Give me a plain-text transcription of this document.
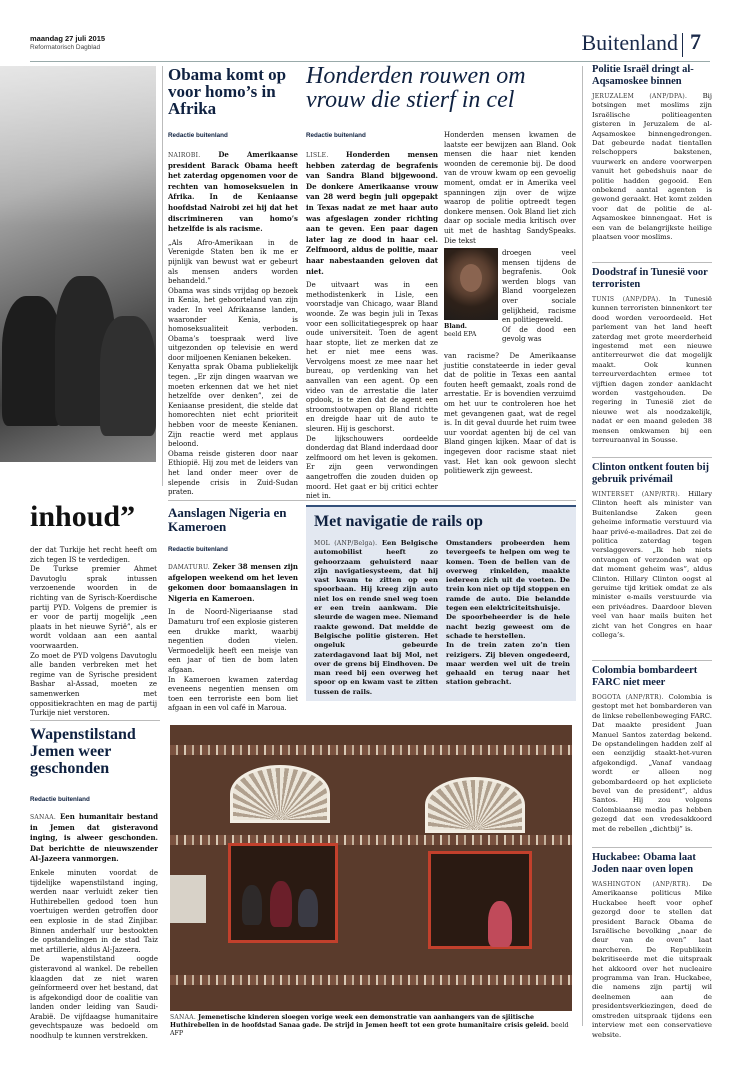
maandag 27 juli 2015
Reformatorisch Dagblad	Buitenland 7
inhoud”
der dat Turkije het recht heeft om zich tegen IS te verdedigen.
De Turkse premier Ahmet Davutoglu sprak intussen verzoenende woorden in de richting van de Syrisch-Koerdische partij PYD. Volgens de premier is er voor de partij mogelijk „een plaats in het nieuwe Syrië”, als er wordt voldaan aan een aantal voorwaarden.
Zo moet de PYD volgens Davutoglu alle banden verbreken met het regime van de Syrische president Bashar al-Assad, moeten ze samenwerken met oppositiekrachten en mag de partij Turkije niet verstoren.
Obama komt op voor homo’s in Afrika
Redactie buitenland

NAIROBI.	De Amerikaanse president Barack Obama heeft het zaterdag opgenomen voor de rechten van homoseksuelen in Afrika. In de Keniaanse hoofdstad Nairobi zei hij dat het discrimineren van homo’s hetzelfde is als racisme.

„Als Afro-Amerikaan in de Verenigde Staten ben ik me er pijnlijk van bewust wat er gebeurt als mensen anders worden behandeld.”
Obama was sinds vrijdag op bezoek in Kenia, het geboorteland van zijn vader. In veel Afrikaanse landen, waaronder Kenia, is homoseksualiteit verboden. Obama’s toespraak werd live uitgezonden op televisie en werd door miljoenen Kenianen bekeken.
Kenyatta sprak Obama publiekelijk tegen. „Er zijn dingen waarvan we moeten erkennen dat we het niet hetzelfde over denken”, zei de Keniaanse president, die stelde dat homorechten niet echt prioriteit hebben voor de meeste Kenianen. Zijn reactie werd met applaus beloond.
Obama reisde gisteren door naar Ethiopië. Hij zou met de leiders van het land onder meer over de slepende crisis in Zuid-Sudan praten.

Honderden rouwen om vrouw die stierf in cel
Redactie buitenland

LISLE. Honderden mensen hebben zaterdag de begrafenis van Sandra Bland bijgewoond. De donkere Amerikaanse vrouw van 28 werd begin juli opgepakt in Texas nadat ze met haar auto was afgeslagen zonder richting aan te geven. Een paar dagen later lag ze dood in haar cel. Zelfmoord, aldus de politie, maar haar nabestaanden geloven dat niet.

De uitvaart was in een methodistenkerk in Lisle, een voorstadje van Chicago, waar Bland woonde. Ze was begin juli in Texas voor een sollicitatiegesprek op haar oude universiteit. Toen de agent haar stopte, liet ze merken dat ze het er niet mee eens was. Vervolgens moest ze mee naar het bureau, op verdenking van het aanvallen van een agent. Op een video van de arrestatie die later opdook, is te zien dat de agent een stroomstootwapen op Bland richtte en dreigde haar uit de auto te sleuren. Hij is geschorst.
De lijkschouwers oordeelde donderdag dat Bland inderdaad door zelfmoord om het leven is gekomen. Er zijn geen verwondingen aangetroffen die zouden duiden op moord. Het gaat er bij critici echter niet in.

Honderden mensen kwamen de laatste eer bewijzen aan Bland. Ook mensen die haar niet kenden woonden de ceremonie bij. De dood van de vrouw kwam op een gevoelig moment, omdat er in Amerika veel spanningen zijn over de wijze waarop de politie optreedt tegen donkere mensen. Ook Bland liet zich daar op sociale media kritisch over uit met de hashtag SandySpeaks. Die tekst
Bland.
beeld EPA
droegen veel mensen tijdens de begrafenis. Ook werden blogs van Bland voorgelezen over sociale gelijkheid, racisme en politiegeweld.
Of de dood een gevolg was
van racisme? De Amerikaanse justitie constateerde in ieder geval dat de politie in Texas een aantal fouten heeft gemaakt, zoals rond de arrestatie. Er is bovendien verzuimd om het uur te controleren hoe het met gevangenen gaat, wat de regel is. In dit geval duurde het ruim twee uur voordat agenten bij de cel van Bland gingen kijken. Maar of dat is ingegeven door racisme staat niet vast. Het kan ook gewoon slecht politiewerk zijn geweest.
Aanslagen Nigeria en Kameroen
Redactie buitenland

DAMATURU. Zeker 38 mensen zijn afgelopen weekend om het leven gekomen door bomaanslagen in Nigeria en Kameroen.

In de Noord-Nigeriaanse stad Damaturu trof een explosie gisteren een drukke markt, waarbij negentien doden vielen. Vermoedelijk heeft een meisje van een jaar of tien de bom laten afgaan.
In Kameroen kwamen zaterdag eveneens negentien mensen om toen een terroriste een bom liet afgaan in een vol café in Maroua.

Met navigatie de rails op
MOL (ANP/Belga). Een Belgische automobilist heeft zo gehoorzaam gehuisterd naar zijn navigatiesysteem, dat hij vast kwam te zitten op een spoorbaan. Hij kreeg zijn auto niet los en rende snel weg toen er een trein aankwam. Die sleurde de wagen mee. Niemand raakte gewond. Dat meldde de Belgische politie gisteren. Het ongeluk gebeurde zaterdagavond laat bij Mol, net over de grens bij Eindhoven. De man reed bij een overweg het spoor op en kwam vast te zitten tussen de rails.
Omstanders probeerden hem tevergeefs te helpen om weg te komen. Toen de bellen van de overweg rinkelden, maakte iedereen zich uit de voeten. De trein kon niet op tijd stoppen en ramde de auto. Die belandde tegen een elektriciteitshuisje.
De spoorbeheerder is de hele nacht bezig geweest om de schade te herstellen.
In de trein zaten zo’n tien reizigers. Zij bleven ongedeerd, maar werden wel uit de trein gehaald en terug naar het station gebracht.
Wapenstilstand Jemen weer geschonden
Redactie buitenland

SANAA. Een humanitair bestand in Jemen dat gisteravond inging, is alweer geschonden. Dat berichtte de nieuwszender Al-Jazeera vanmorgen.

Enkele minuten voordat de tijdelijke wapenstilstand inging, werden naar verluidt zeker tien Huthirebellen gedood toen hun voertuigen werden getroffen door een explosie in de stad Zinjibar. Binnen anderhalf uur bestookten de opstandelingen in de stad Taiz met artillerie, aldus Al-Jazeera.
De wapenstilstand oogde gisteravond al wankel. De rebellen klaagden dat ze niet waren geïnformeerd over het bestand, dat is afgekondigd door de coalitie van landen onder leiding van Saudi-Arabië. De vijfdaagse humanitaire gevechtspauze was bedoeld om noodhulp te kunnen verstrekken.

SANAA. Jemenetische kinderen sloegen vorige week een demonstratie van aanhangers van de sjiitische Huthirebellen in de hoofdstad Sanaa gade. De strijd in Jemen heeft tot een grote humanitaire crisis geleid. beeld AFP
Politie Israël dringt al-Aqsamoskee binnen

JERUZALEM (ANP/DPA). Bij botsingen met moslims zijn Israëlische politieagenten gisteren in Jeruzalem de al-Aqsamoskee binnengedrongen. Dat gebeurde nadat tientallen relschoppers bakstenen, vuurwerk en andere voorwerpen vanuit het gebedshuis naar de politie hadden gegooid. Een onbekend aantal agenten is gewond geraakt. Het komt zelden voor dat de politie de al-Aqsamoskee binnengaat. Het is een van de belangrijkste heilige plaatsen voor moslims.

Doodstraf in Tunesië voor terroristen

TUNIS (ANP/DPA). In Tunesië kunnen terroristen binnenkort ter dood worden veroordeeld. Het parlement van het land heeft zaterdag met grote meerderheid ingestemd met een nieuwe antiterreurwet die dat mogelijk maakt. Ook kunnen terreurverdachten ermee tot vijftien dagen zonder aanklacht worden vastgehouden. De regering in Tunesië ziet de nieuwe wet als noodzakelijk, nadat er een maand geleden 38 mensen omkwamen bij een terreuraanval in Sousse.

Clinton ontkent fouten bij gebruik privémail

WINTERSET (ANP/RTR). Hillary Clinton heeft als minister van Buitenlandse Zaken geen geheime informatie verstuurd via haar privé-e-mailadres. Dat zei de politica zaterdag tegen verslaggevers. „Ik heb niets ontvangen of verzonden wat op dat moment geheim was”, aldus Clinton. Hillary Clinton oogst al geruime tijd kritiek omdat ze als minister e-mails verstuurde via een privéadres. Daardoor bleven veel van haar mails buiten het zicht van het Congres en haar collega’s.

Colombia bombardeert FARC niet meer

BOGOTA (ANP/RTR). Colombia is gestopt met het bombarderen van de linkse rebellenbeweging FARC. Dat maakte president Juan Manuel Santos zaterdag bekend. De opstandelingen hadden zelf al een eenzijdig staakt-het-vuren afgekondigd. „Vanaf vandaag wordt er alleen nog gebombardeerd op het expliciete bevel van de president”, aldus Santos. Hij zou volgens Colombiaanse media pas hebben gezegd dat een vredesakkoord met de rebellen „dichtbij” is.

Huckabee: Obama laat Joden naar oven lopen

WASHINGTON (ANP/RTR). De Amerikaanse politicus Mike Huckabee heeft voor ophef gezorgd door te stellen dat president Barack Obama de Israëlische bevolking „naar de deur van de oven” laat marcheren. De Republikein bekritiseerde met die uitspraak het akkoord over het nucleaire programma van Iran. Huckabee, die namens zijn partij wil deelnemen aan de presidentsverkiezingen, deed de omstreden uitspraak tijdens een interview met een conservatieve website.
